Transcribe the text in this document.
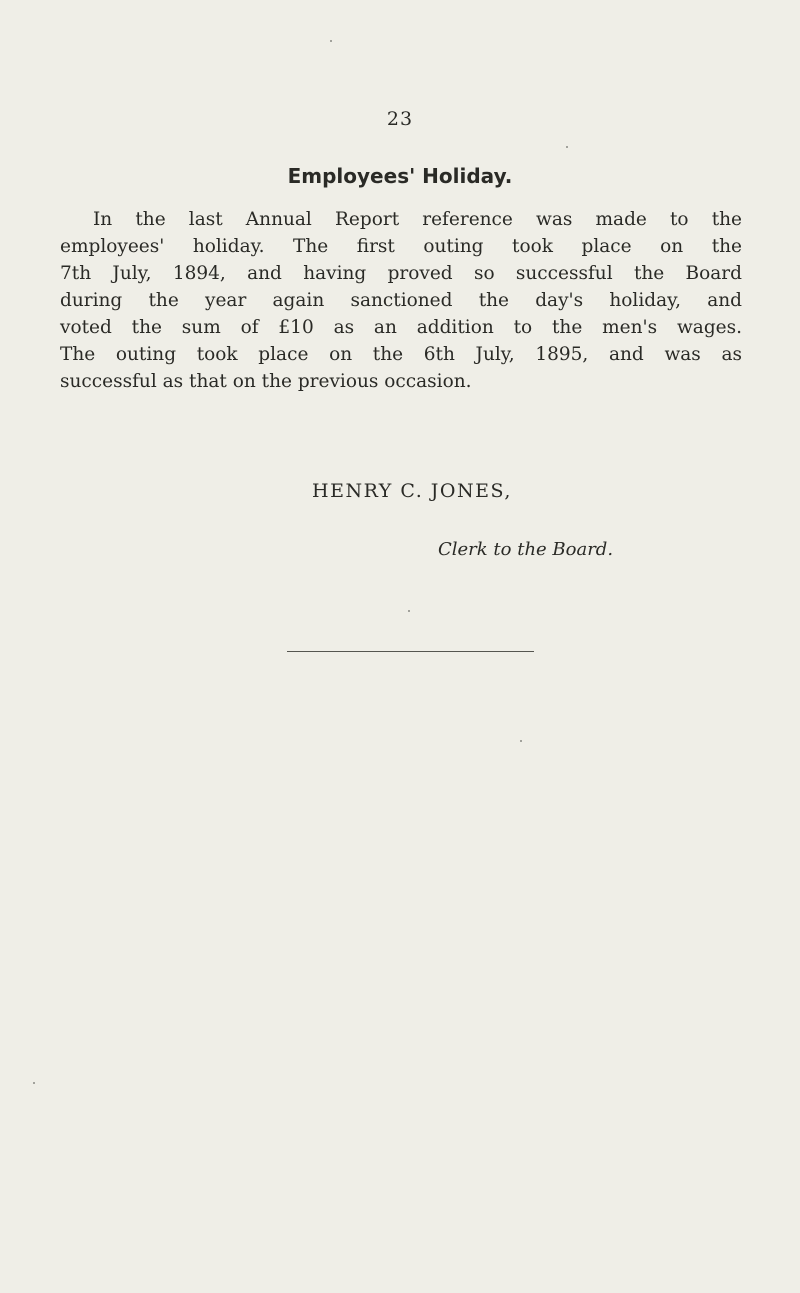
23
Employees' Holiday.
In the last Annual Report reference was made to the
employees' holiday. The first outing took place on the
7th July, 1894, and having proved so successful the Board
during the year again sanctioned the day's holiday, and
voted the sum of £10 as an addition to the men's wages.
The outing took place on the 6th July, 1895, and was as
successful as that on the previous occasion.
HENRY C. JONES,
Clerk to the Board.
